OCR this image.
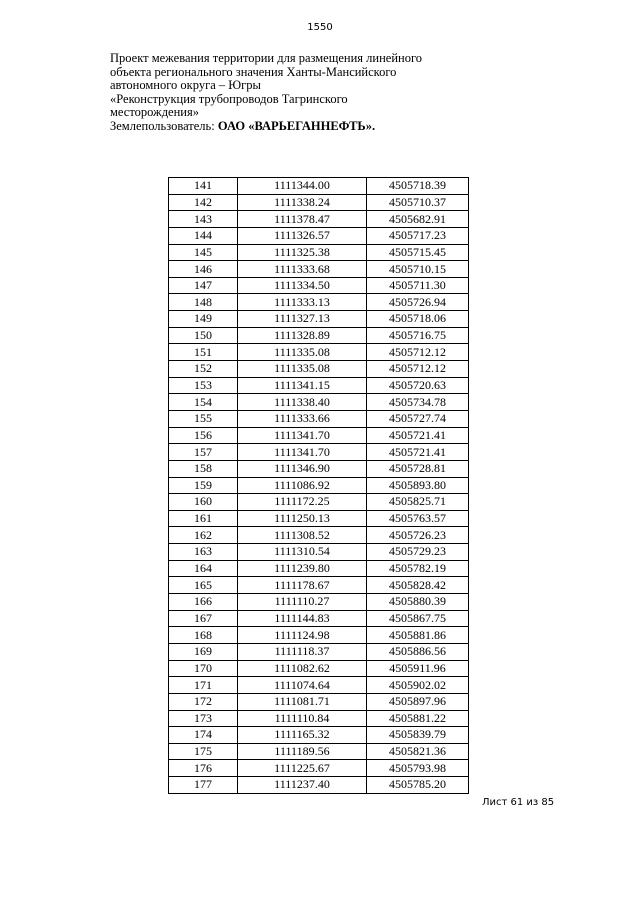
1550
Проект межевания территории для размещения линейного
объекта регионального значения Ханты-Мансийского
автономного округа – Югры
«Реконструкция трубопроводов Тагринского
месторождения»
Землепользователь: ОАО «ВАРЬЕГАННЕФТЬ».
141	1111344.00	4505718.39
142	1111338.24	4505710.37
143	1111378.47	4505682.91
144	1111326.57	4505717.23
145	1111325.38	4505715.45
146	1111333.68	4505710.15
147	1111334.50	4505711.30
148	1111333.13	4505726.94
149	1111327.13	4505718.06
150	1111328.89	4505716.75
151	1111335.08	4505712.12
152	1111335.08	4505712.12
153	1111341.15	4505720.63
154	1111338.40	4505734.78
155	1111333.66	4505727.74
156	1111341.70	4505721.41
157	1111341.70	4505721.41
158	1111346.90	4505728.81
159	1111086.92	4505893.80
160	1111172.25	4505825.71
161	1111250.13	4505763.57
162	1111308.52	4505726.23
163	1111310.54	4505729.23
164	1111239.80	4505782.19
165	1111178.67	4505828.42
166	1111110.27	4505880.39
167	1111144.83	4505867.75
168	1111124.98	4505881.86
169	1111118.37	4505886.56
170	1111082.62	4505911.96
171	1111074.64	4505902.02
172	1111081.71	4505897.96
173	1111110.84	4505881.22
174	1111165.32	4505839.79
175	1111189.56	4505821.36
176	1111225.67	4505793.98
177	1111237.40	4505785.20
Лист 61 из 85
